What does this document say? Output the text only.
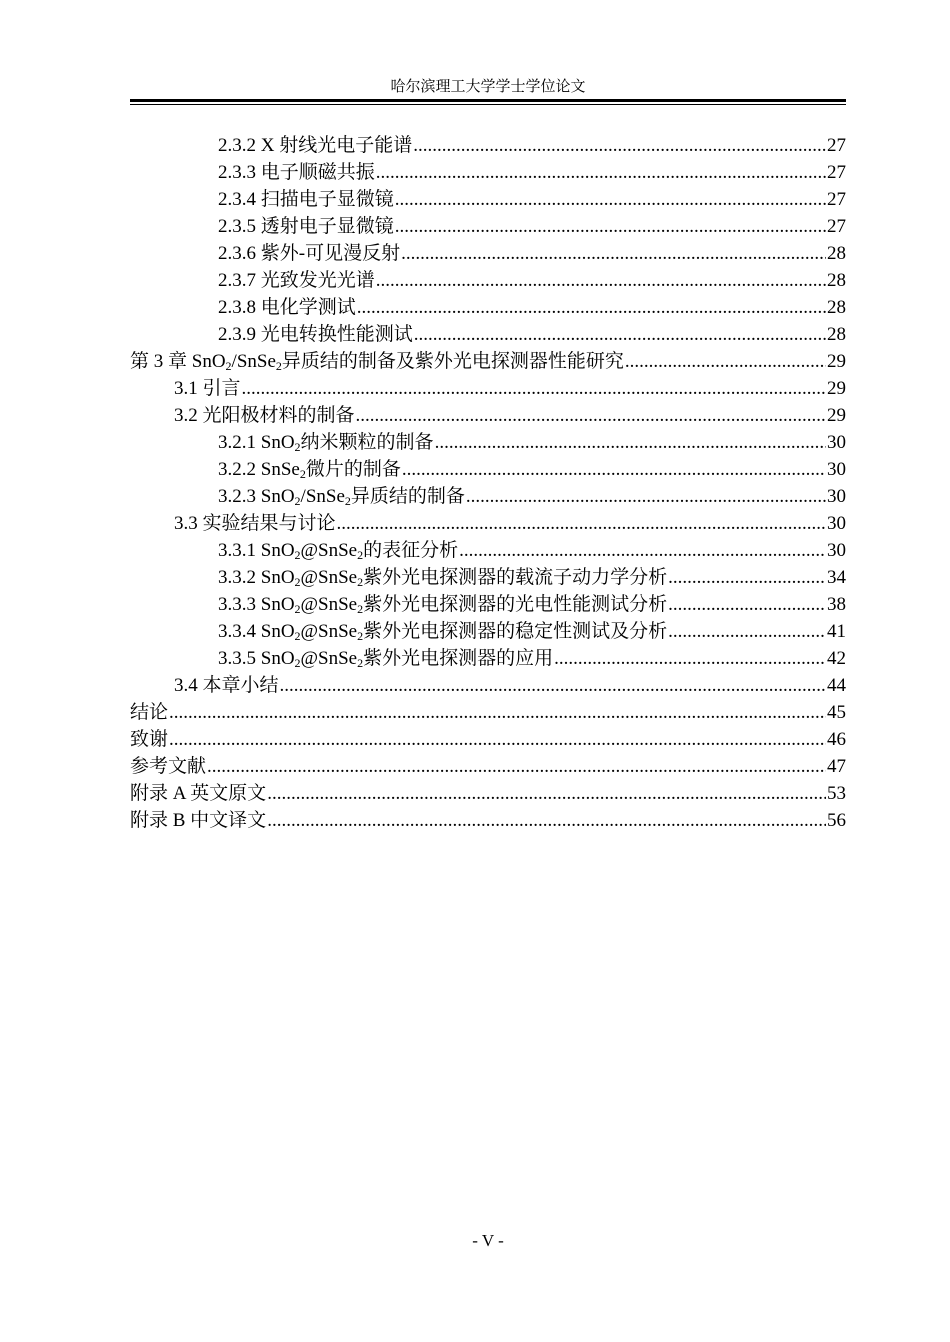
哈尔滨理工大学学士学位论文
2.3.2 X 射线光电子能谱 .....	27
2.3.3 电子顺磁共振 .....	27
2.3.4 扫描电子显微镜 .....	27
2.3.5 透射电子显微镜 .....	27
2.3.6 紫外-可见漫反射 .....	28
2.3.7 光致发光光谱 .....	28
2.3.8 电化学测试 .....	28
2.3.9 光电转换性能测试 .....	28
第 3 章 SnO$_2$/SnSe$_2$异质结的制备及紫外光电探测器性能研究 .....	29
3.1 引言 .....	29
3.2 光阳极材料的制备 .....	29
3.2.1 SnO$_2$纳米颗粒的制备 .....	30
3.2.2 SnSe$_2$微片的制备 .....	30
3.2.3 SnO$_2$/SnSe$_2$异质结的制备 .....	30
3.3 实验结果与讨论 .....	30
3.3.1 SnO$_2$@SnSe$_2$的表征分析 .....	30
3.3.2 SnO$_2$@SnSe$_2$紫外光电探测器的载流子动力学分析 .....	34
3.3.3 SnO$_2$@SnSe$_2$紫外光电探测器的光电性能测试分析 .....	38
3.3.4 SnO$_2$@SnSe$_2$紫外光电探测器的稳定性测试及分析 .....	41
3.3.5 SnO$_2$@SnSe$_2$紫外光电探测器的应用 .....	42
3.4 本章小结 .....	44
结论 .....	45
致谢 .....	46
参考文献 .....	47
附录 A 英文原文 .....	53
附录 B 中文译文 .....	56
- V -
